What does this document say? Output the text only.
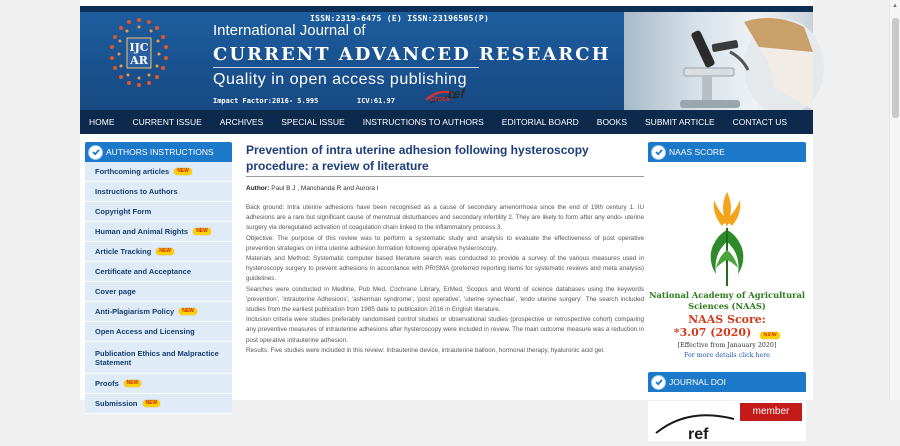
IJC
AR
ISSN:2319-6475 (E) ISSN:23196505(P)
International Journal of
CURRENT ADVANCED RESEARCH
Quality in open access publishing
Impact Factor:2016- 5.995	ICV:61.97	Cross
ref
HOME	CURRENT ISSUE	ARCHIVES	SPECIAL ISSUE	INSTRUCTIONS TO AUTHORS	EDITORIAL BOARD	BOOKS	SUBMIT ARTICLE	CONTACT US
AUTHORS INSTRUCTIONS
Forthcoming articles	NEW
Instructions to Authors
Copyright Form
Human and Animal Rights	NEW
Article Tracking	NEW
Certificate and Acceptance
Cover page
Anti-Plagiarism Policy	NEW
Open Access and Licensing
Publication Ethics and Malpractice Statement
Proofs	NEW
Submission	NEW
Prevention of intra uterine adhesion following hysteroscopy procedure: a review of literature

Author: Paul B J , Manchanda R and Aurora I

Back ground: Intra uterine adhesions have been recognised as a cause of secondary amenorrhoea since the end of 19th century 1. IU adhesions are a rare but significant cause of menstrual disturbances and secondary infertility 2. They are likely to form after any endo- uterine surgery via deregulated activation of coagulation chain linked to the inflammatory process 3.

Objective: The purpose of this review was to perform a systematic study and analysis to evaluate the effectiveness of post operative prevention strategies on intra uterine adhesion formation following operative hysteroscopy.

Materials and Method: Systematic computer based literature search was conducted to provide a survey of the various measures used in hysteroscopy surgery to prevent adhesions in accordance with PRISMA (preferred reporting items for systematic reviews and meta analysis) guidelines.

Searches were conducted in Medline, Pub Med, Cochrane Library, ErMed, Scopus and World of science databases using the keywords 'prevention', 'intrauterine Adhesions', 'asherman syndrome', 'post operative', 'uterine synechae', 'endo uterine surgery'. The search included studies from the earliest publication from 1985 date to publication 2016 in English literature.

Inclusion criteria were studies preferably randomised control studies or observational studies (prospective or retrospective cohort) comparing any preventive measures of intrauterine adhesions after hysteroscopy were included in review. The main outcome measure was a reduction in post operative intrauterine adhesion.

Results: Five studies were included in this review: Intrauterine device, intrauterine balloon, hormonal therapy, hyaluronic acid gel.

NAAS SCORE
National Academy of Agricultural Sciences (NAAS)
NAAS Score:
*3.07 (2020) NEW
[Effective from Janauary 2020]
For more details click here
JOURNAL DOI
ref
member
▲
